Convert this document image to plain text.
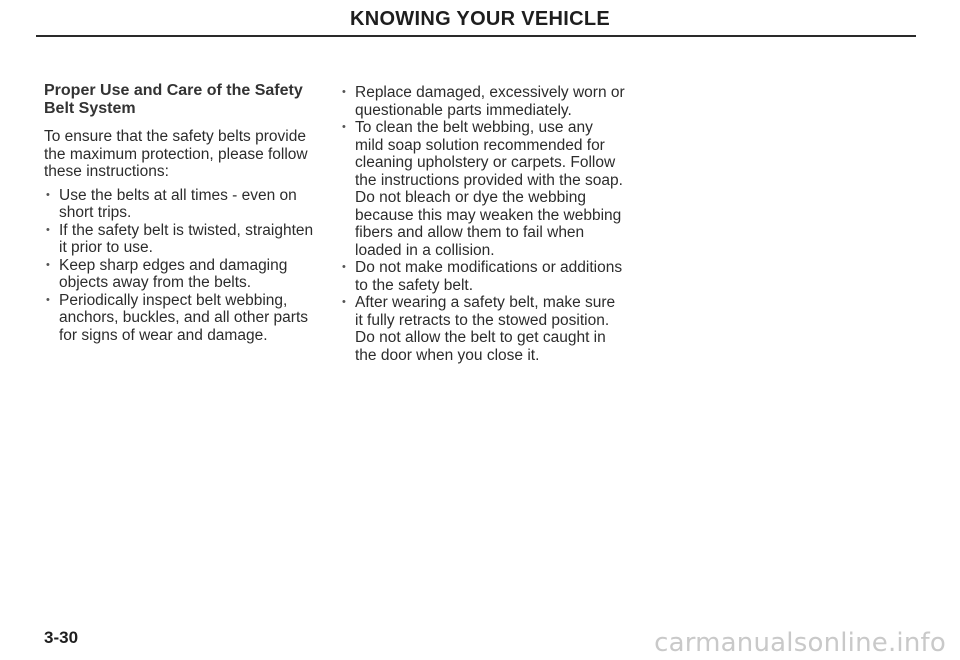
KNOWING YOUR VEHICLE
Proper Use and Care of the Safety Belt System

To ensure that the safety belts provide the maximum protection, please follow these instructions:

• Use the belts at all times - even on short trips.
• If the safety belt is twisted, straighten it prior to use.
• Keep sharp edges and damaging objects away from the belts.
• Periodically inspect belt webbing, anchors, buckles, and all other parts for signs of wear and damage.
• Replace damaged, excessively worn or questionable parts immediately.
• To clean the belt webbing, use any mild soap solution recommended for cleaning upholstery or carpets. Follow the instructions provided with the soap. Do not bleach or dye the webbing because this may weaken the webbing fibers and allow them to fail when loaded in a collision.
• Do not make modifications or additions to the safety belt.
• After wearing a safety belt, make sure it fully retracts to the stowed position. Do not allow the belt to get caught in the door when you close it.
3-30	carmanualsonline.info
